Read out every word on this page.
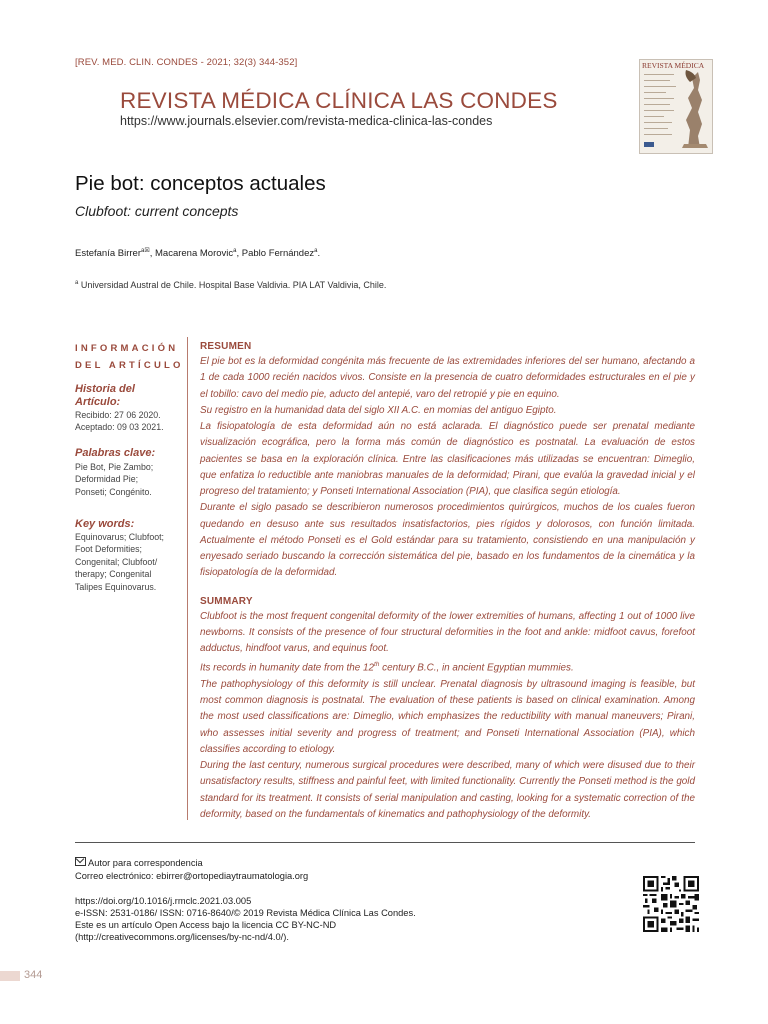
[REV. MED. CLIN. CONDES - 2021; 32(3) 344-352]
REVISTA MÉDICA CLÍNICA LAS CONDES
https://www.journals.elsevier.com/revista-medica-clinica-las-condes
REVISTA MÉDICA
Pie bot: conceptos actuales
Clubfoot: current concepts
Estefanía Birrer$^{a☒}$, Macarena Morovic$^a$, Pablo Fernández$^a$.
$^a$ Universidad Austral de Chile. Hospital Base Valdivia. PIA LAT Valdivia, Chile.
INFORMACIÓN
DEL ARTÍCULO
Historia del
Artículo:
Recibido: 27 06 2020.
Aceptado: 09 03 2021.
Palabras clave:
Pie Bot, Pie Zambo;
Deformidad Pie;
Ponseti; Congénito.
Key words:
Equinovarus; Clubfoot;
Foot Deformities;
Congenital; Clubfoot/
therapy; Congenital
Talipes Equinovarus.
RESUMEN

El pie bot es la deformidad congénita más frecuente de las extremidades inferiores del ser humano, afectando a 1 de cada 1000 recién nacidos vivos. Consiste en la presencia de cuatro deformidades estructurales en el pie y el tobillo: cavo del medio pie, aducto del antepié, varo del retropié y pie en equino.

Su registro en la humanidad data del siglo XII A.C. en momias del antiguo Egipto.

La fisiopatología de esta deformidad aún no está aclarada. El diagnóstico puede ser prenatal mediante visualización ecográfica, pero la forma más común de diagnóstico es postnatal. La evaluación de estos pacientes se basa en la exploración clínica. Entre las clasificaciones más utilizadas se encuentran: Dimeglio, que enfatiza lo reductible ante maniobras manuales de la deformidad; Pirani, que evalúa la gravedad inicial y el progreso del tratamiento; y Ponseti International Association (PIA), que clasifica según etiología.

Durante el siglo pasado se describieron numerosos procedimientos quirúrgicos, muchos de los cuales fueron quedando en desuso ante sus resultados insatisfactorios, pies rígidos y dolorosos, con función limitada. Actualmente el método Ponseti es el Gold estándar para su tratamiento, consistiendo en una manipulación y enyesado seriado buscando la corrección sistemática del pie, basado en los fundamentos de la cinemática y la fisiopatología de la deformidad.

SUMMARY

Clubfoot is the most frequent congenital deformity of the lower extremities of humans, affecting 1 out of 1000 live newborns. It consists of the presence of four structural deformities in the foot and ankle: midfoot cavus, forefoot adductus, hindfoot varus, and equinus foot.

Its records in humanity date from the 12th century B.C., in ancient Egyptian mummies.

The pathophysiology of this deformity is still unclear. Prenatal diagnosis by ultrasound imaging is feasible, but most common diagnosis is postnatal. The evaluation of these patients is based on clinical examination. Among the most used classifications are: Dimeglio, which emphasizes the reductibility with manual maneuvers; Pirani, who assesses initial severity and progress of treatment; and Ponseti International Association (PIA), which classifies according to etiology.

During the last century, numerous surgical procedures were described, many of which were disused due to their unsatisfactory results, stiffness and painful feet, with limited functionality. Currently the Ponseti method is the gold standard for its treatment. It consists of serial manipulation and casting, looking for a systematic correction of the deformity, based on the fundamentals of kinematics and pathophysiology of the deformity.

Autor para correspondencia
Correo electrónico: ebirrer@ortopediaytraumatologia.org
https://doi.org/10.1016/j.rmclc.2021.03.005
e-ISSN: 2531-0186/ ISSN: 0716-8640/© 2019 Revista Médica Clínica Las Condes.
Este es un artículo Open Access bajo la licencia CC BY-NC-ND
(http://creativecommons.org/licenses/by-nc-nd/4.0/).
344
